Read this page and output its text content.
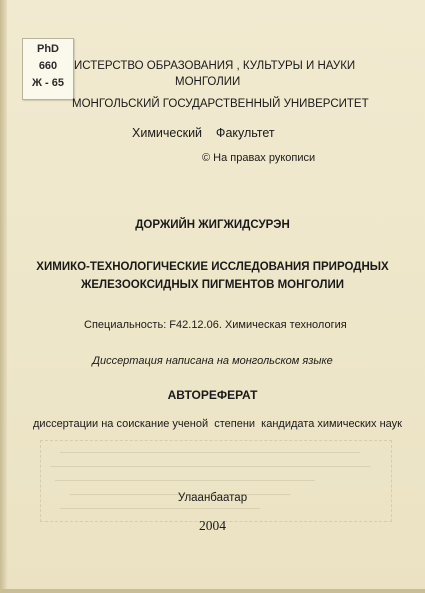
PhD
660
Ж - 65
ИСТЕРСТВО ОБРАЗОВАНИЯ , КУЛЬТУРЫ И НАУКИ
МОНГОЛИИ
МОНГОЛЬСКИЙ ГОСУДАРСТВЕННЫЙ УНИВЕРСИТЕТ
Химический    Факультет
© На правах рукописи
ДОРЖИЙН ЖИГЖИДСУРЭН
ХИМИКО-ТЕХНОЛОГИЧЕСКИЕ ИССЛЕДОВАНИЯ ПРИРОДНЫХ
ЖЕЛЕЗООКСИДНЫХ ПИГМЕНТОВ МОНГОЛИИ
Специальность: F42.12.06. Химическая технология
Диссертация написана на монгольском языке
АВТОРЕФЕРАТ
диссертации на соискание ученой  степени  кандидата химических наук
Улаанбаатар
2004
